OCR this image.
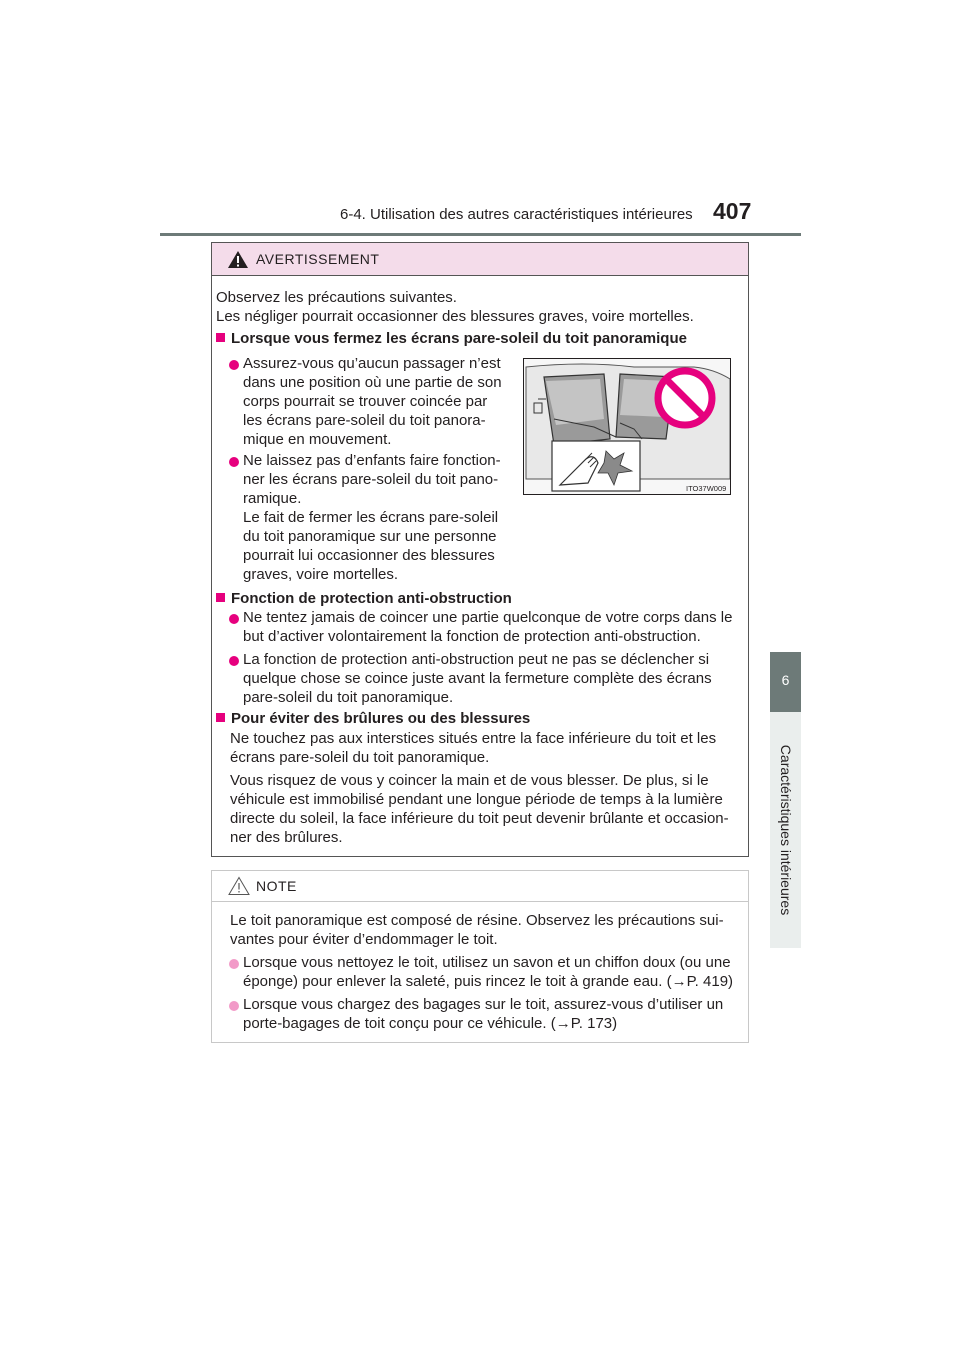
6-4. Utilisation des autres caractéristiques intérieures 407
6
Caractéristiques intérieures
AVERTISSEMENT
Observez les précautions suivantes.
Les négliger pourrait occasionner des blessures graves, voire mortelles.
Lorsque vous fermez les écrans pare-soleil du toit panoramique
Assurez-vous qu’aucun passager n’est
dans une position où une partie de son
corps pourrait se trouver coincée par
les écrans pare-soleil du toit panora-
mique en mouvement.
Ne laissez pas d’enfants faire fonction-
ner les écrans pare-soleil du toit pano-
ramique.
Le fait de fermer les écrans pare-soleil
du toit panoramique sur une personne
pourrait lui occasionner des blessures
graves, voire mortelles.
ITO37W009
Fonction de protection anti-obstruction
Ne tentez jamais de coincer une partie quelconque de votre corps dans le
but d’activer volontairement la fonction de protection anti-obstruction.
La fonction de protection anti-obstruction peut ne pas se déclencher si
quelque chose se coince juste avant la fermeture complète des écrans
pare-soleil du toit panoramique.
Pour éviter des brûlures ou des blessures
Ne touchez pas aux interstices situés entre la face inférieure du toit et les
écrans pare-soleil du toit panoramique.
Vous risquez de vous y coincer la main et de vous blesser. De plus, si le
véhicule est immobilisé pendant une longue période de temps à la lumière
directe du soleil, la face inférieure du toit peut devenir brûlante et occasion-
ner des brûlures.
NOTE
Le toit panoramique est composé de résine. Observez les précautions sui-
vantes pour éviter d’endommager le toit.
Lorsque vous nettoyez le toit, utilisez un savon et un chiffon doux (ou une
éponge) pour enlever la saleté, puis rincez le toit à grande eau. (→P. 419)
Lorsque vous chargez des bagages sur le toit, assurez-vous d’utiliser un
porte-bagages de toit conçu pour ce véhicule. (→P. 173)
